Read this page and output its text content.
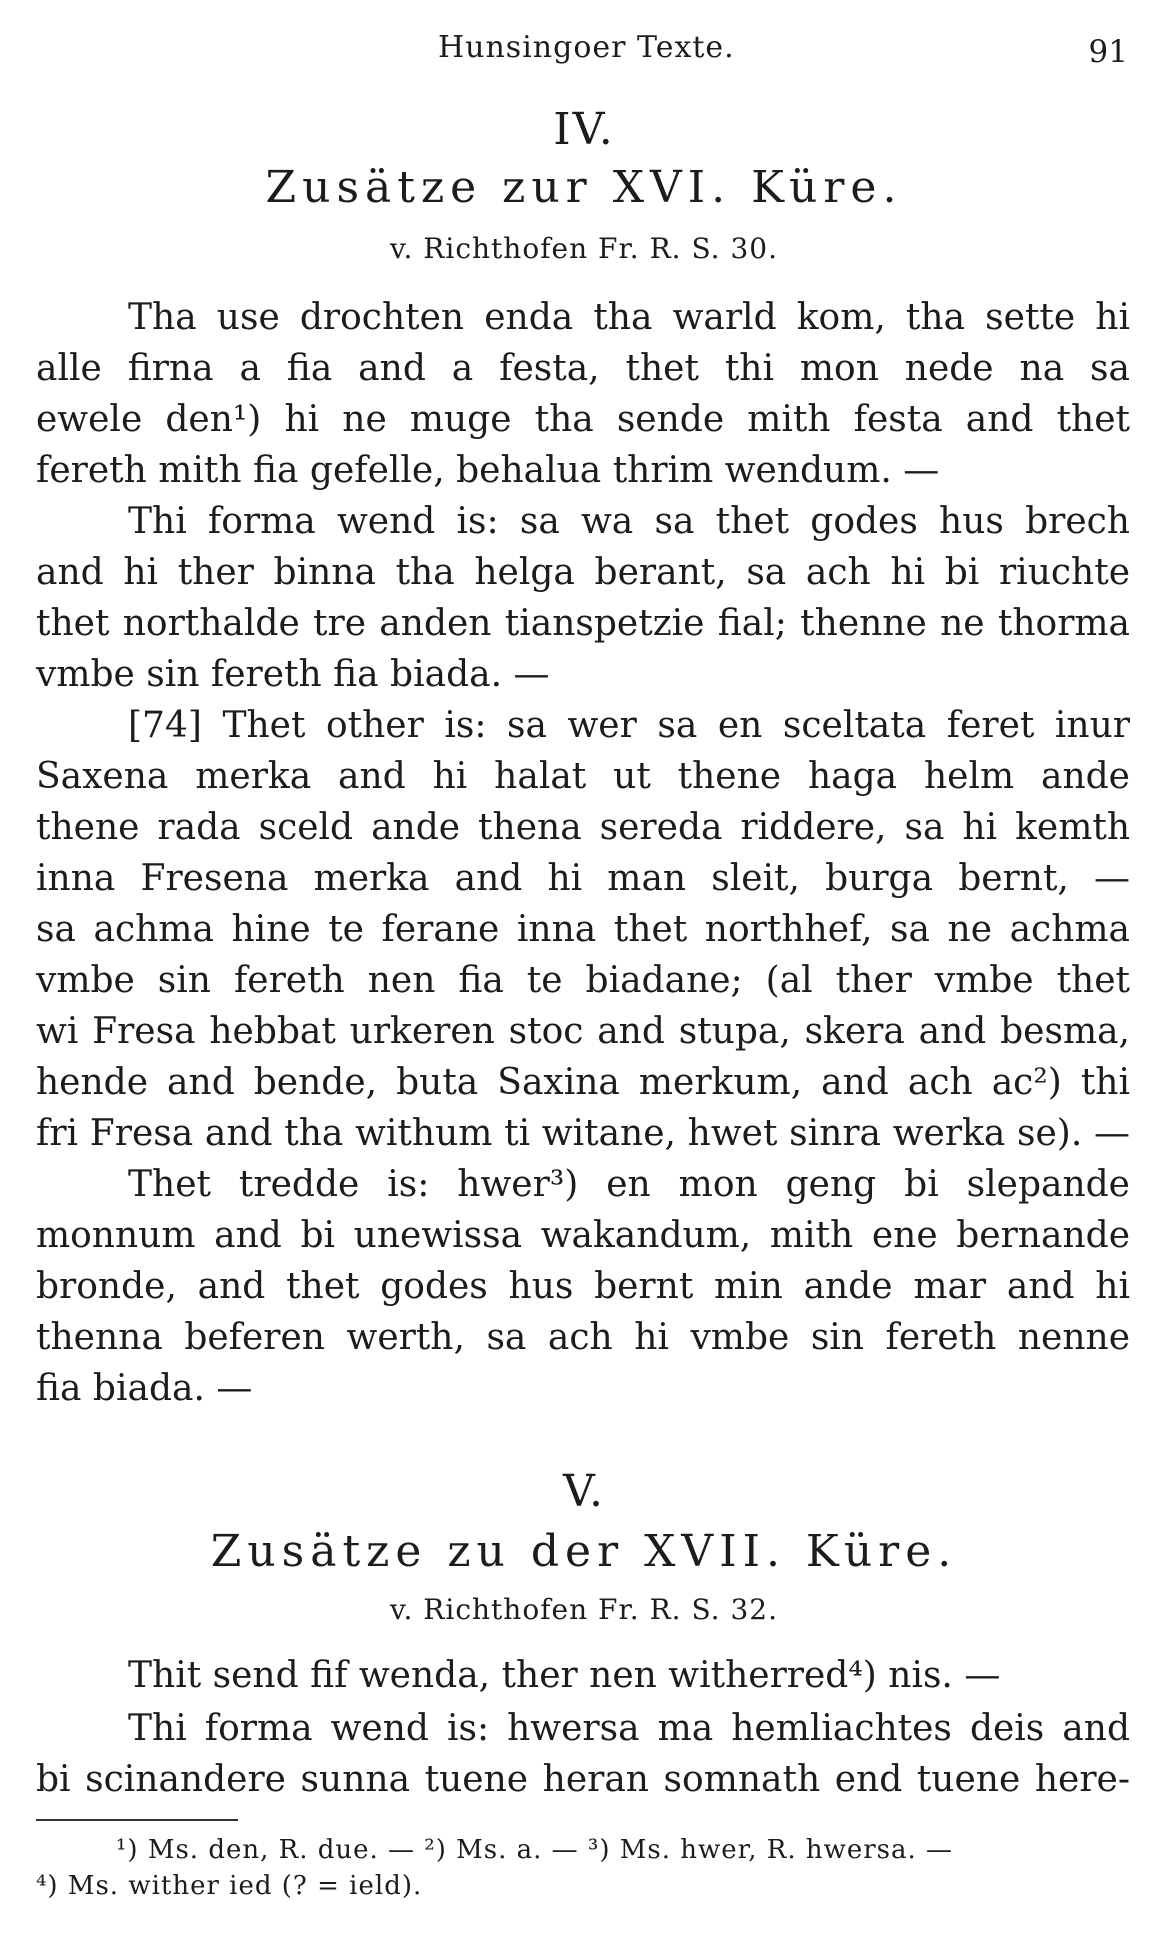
Hunsingoer Texte.	91
IV.
Zusätze zur XVI. Küre.
v. Richthofen Fr. R. S. 30.
Tha use drochten enda tha warld kom, tha sette hi
alle firna a fia and a festa, thet thi mon nede na sa
ewele den¹) hi ne muge tha sende mith festa and thet
fereth mith fia gefelle, behalua thrim wendum. —
Thi forma wend is: sa wa sa thet godes hus brech
and hi ther binna tha helga berant, sa ach hi bi riuchte
thet northalde tre anden tianspetzie fial; thenne ne thorma
vmbe sin fereth fia biada. —
[74] Thet other is: sa wer sa en sceltata feret inur
Saxena merka and hi halat ut thene haga helm ande
thene rada sceld ande thena sereda riddere, sa hi kemth
inna Fresena merka and hi man sleit, burga bernt, —
sa achma hine te ferane inna thet northhef, sa ne achma
vmbe sin fereth nen fia te biadane; (al ther vmbe thet
wi Fresa hebbat urkeren stoc and stupa, skera and besma,
hende and bende, buta Saxina merkum, and ach ac²) thi
fri Fresa and tha withum ti witane, hwet sinra werka se). —
Thet tredde is: hwer³) en mon geng bi slepande
monnum and bi unewissa wakandum, mith ene bernande
bronde, and thet godes hus bernt min ande mar and hi
thenna beferen werth, sa ach hi vmbe sin fereth nenne
fia biada. —
V.
Zusätze zu der XVII. Küre.
v. Richthofen Fr. R. S. 32.
Thit send fif wenda, ther nen witherred⁴) nis. —
Thi forma wend is: hwersa ma hemliachtes deis and
bi scinandere sunna tuene heran somnath end tuene here-
¹) Ms. den, R. due. — ²) Ms. a. — ³) Ms. hwer, R. hwersa. —
⁴) Ms. wither ied (? = ield).
